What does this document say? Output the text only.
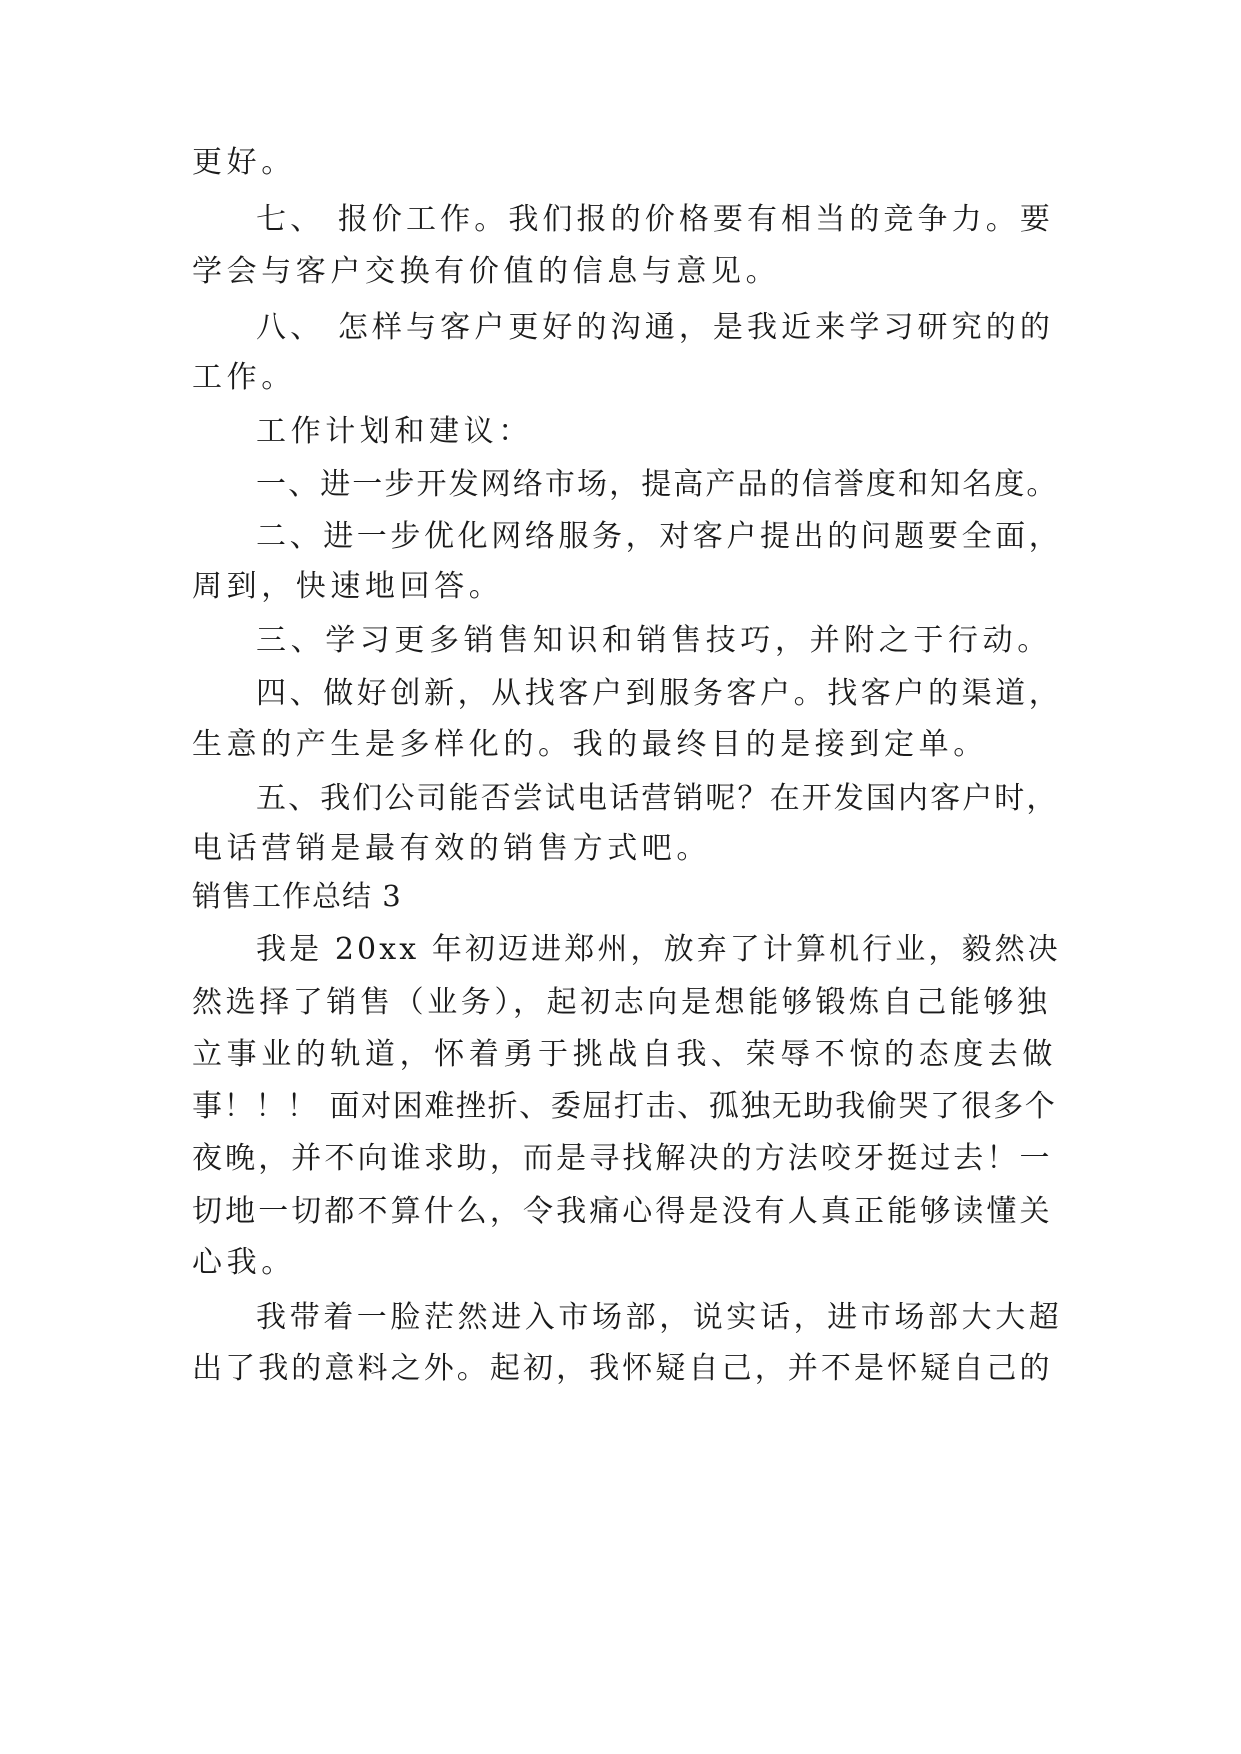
更好。
七、 报价工作。我们报的价格要有相当的竞争力。要
学会与客户交换有价值的信息与意见。
八、 怎样与客户更好的沟通，是我近来学习研究的的
工作。
工作计划和建议：
一、进一步开发网络市场，提高产品的信誉度和知名度。
二、进一步优化网络服务，对客户提出的问题要全面，
周到，快速地回答。
三、学习更多销售知识和销售技巧，并附之于行动。
四、做好创新，从找客户到服务客户。找客户的渠道，
生意的产生是多样化的。我的最终目的是接到定单。
五、我们公司能否尝试电话营销呢？在开发国内客户时，
电话营销是最有效的销售方式吧。
销售工作总结 3
我是 20xx 年初迈进郑州，放弃了计算机行业，毅然决
然选择了销售（业务），起初志向是想能够锻炼自己能够独
立事业的轨道，怀着勇于挑战自我、荣辱不惊的态度去做
事！！！ 面对困难挫折、委屈打击、孤独无助我偷哭了很多个
夜晚，并不向谁求助，而是寻找解决的方法咬牙挺过去！一
切地一切都不算什么，令我痛心得是没有人真正能够读懂关
心我。
我带着一脸茫然进入市场部，说实话，进市场部大大超
出了我的意料之外。起初，我怀疑自己，并不是怀疑自己的
